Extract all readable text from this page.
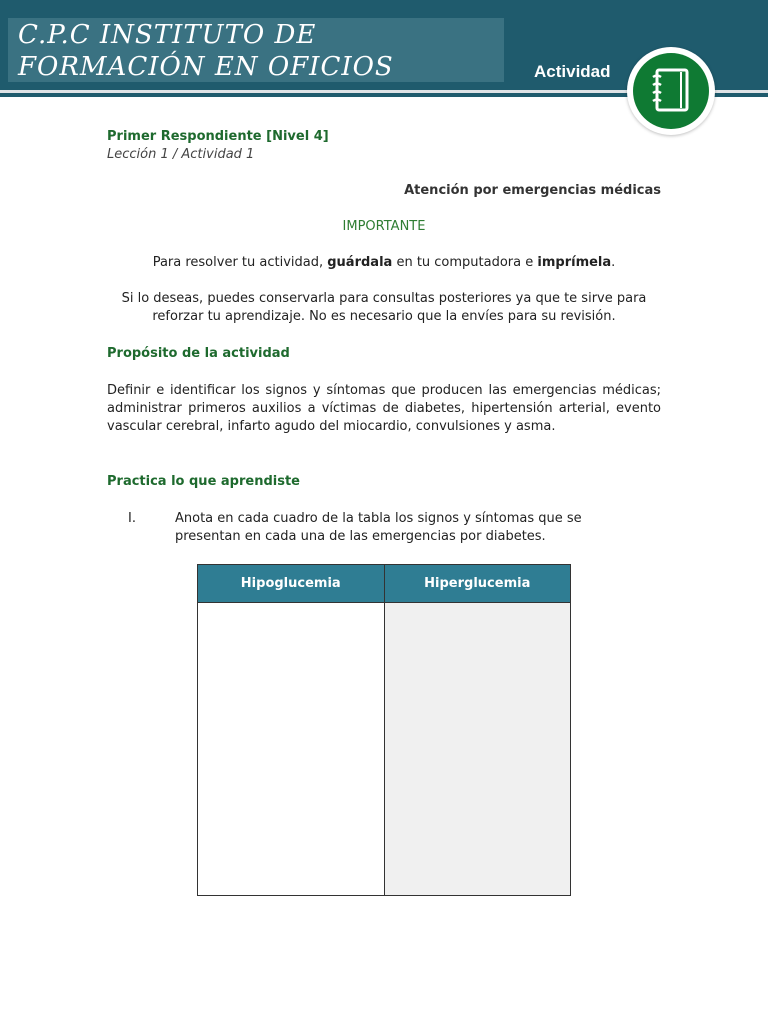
C.P.C INSTITUTO DE
FORMACIÓN EN OFICIOS	Actividad
Primer Respondiente [Nivel 4]
Lección 1 / Actividad 1
Atención por emergencias médicas
IMPORTANTE
Para resolver tu actividad, guárdala en tu computadora e imprímela.
Si lo deseas, puedes conservarla para consultas posteriores ya que te sirve para reforzar tu aprendizaje. No es necesario que la envíes para su revisión.
Propósito de la actividad
Definir e identificar los signos y síntomas que producen las emergencias médicas; administrar primeros auxilios a víctimas de diabetes, hipertensión arterial, evento vascular cerebral, infarto agudo del miocardio, convulsiones y asma.
Practica lo que aprendiste
I.	Anota en cada cuadro de la tabla los signos y síntomas que se presentan en cada una de las emergencias por diabetes.
Hipoglucemia	Hiperglucemia
